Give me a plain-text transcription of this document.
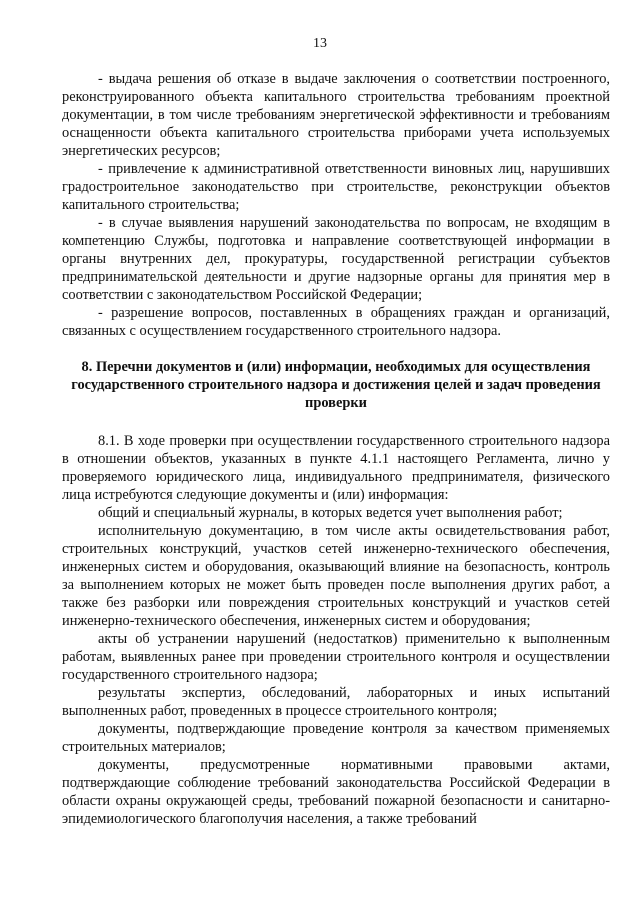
13

- выдача решения об отказе в выдаче заключения о соответствии построенного, реконструированного объекта капитального строительства требованиям проектной документации, в том числе требованиям энергетической эффективности и требованиям оснащенности объекта капитального строительства приборами учета используемых энергетических ресурсов;

- привлечение к административной ответственности виновных лиц, нарушивших градостроительное законодательство при строительстве, реконструкции объектов капитального строительства;

- в случае выявления нарушений законодательства по вопросам, не входящим в компетенцию Службы, подготовка и направление соответствующей информации в органы внутренних дел, прокуратуры, государственной регистрации субъектов предпринимательской деятельности и другие надзорные органы для принятия мер в соответствии с законодательством Российской Федерации;

- разрешение вопросов, поставленных в обращениях граждан и организаций, связанных с осуществлением государственного строительного надзора.

8. Перечни документов и (или) информации, необходимых для осуществления государственного строительного надзора и достижения целей и задач проведения проверки

8.1. В ходе проверки при осуществлении государственного строительного надзора в отношении объектов, указанных в пункте 4.1.1 настоящего Регламента, лично у проверяемого юридического лица, индивидуального предпринимателя, физического лица истребуются следующие документы и (или) информация:

общий и специальный журналы, в которых ведется учет выполнения работ;

исполнительную документацию, в том числе акты освидетельствования работ, строительных конструкций, участков сетей инженерно-технического обеспечения, инженерных систем и оборудования, оказывающий влияние на безопасность, контроль за выполнением которых не может быть проведен после выполнения других работ, а также без разборки или повреждения строительных конструкций и участков сетей инженерно-технического обеспечения, инженерных систем и оборудования;

акты об устранении нарушений (недостатков) применительно к выполненным работам, выявленных ранее при проведении строительного контроля и осуществлении государственного строительного надзора;

результаты экспертиз, обследований, лабораторных и иных испытаний выполненных работ, проведенных в процессе строительного контроля;

документы, подтверждающие проведение контроля за качеством применяемых строительных материалов;

документы, предусмотренные нормативными правовыми актами, подтверждающие соблюдение требований законодательства Российской Федерации в области охраны окружающей среды, требований пожарной безопасности и санитарно-эпидемиологического благополучия населения, а также требований
